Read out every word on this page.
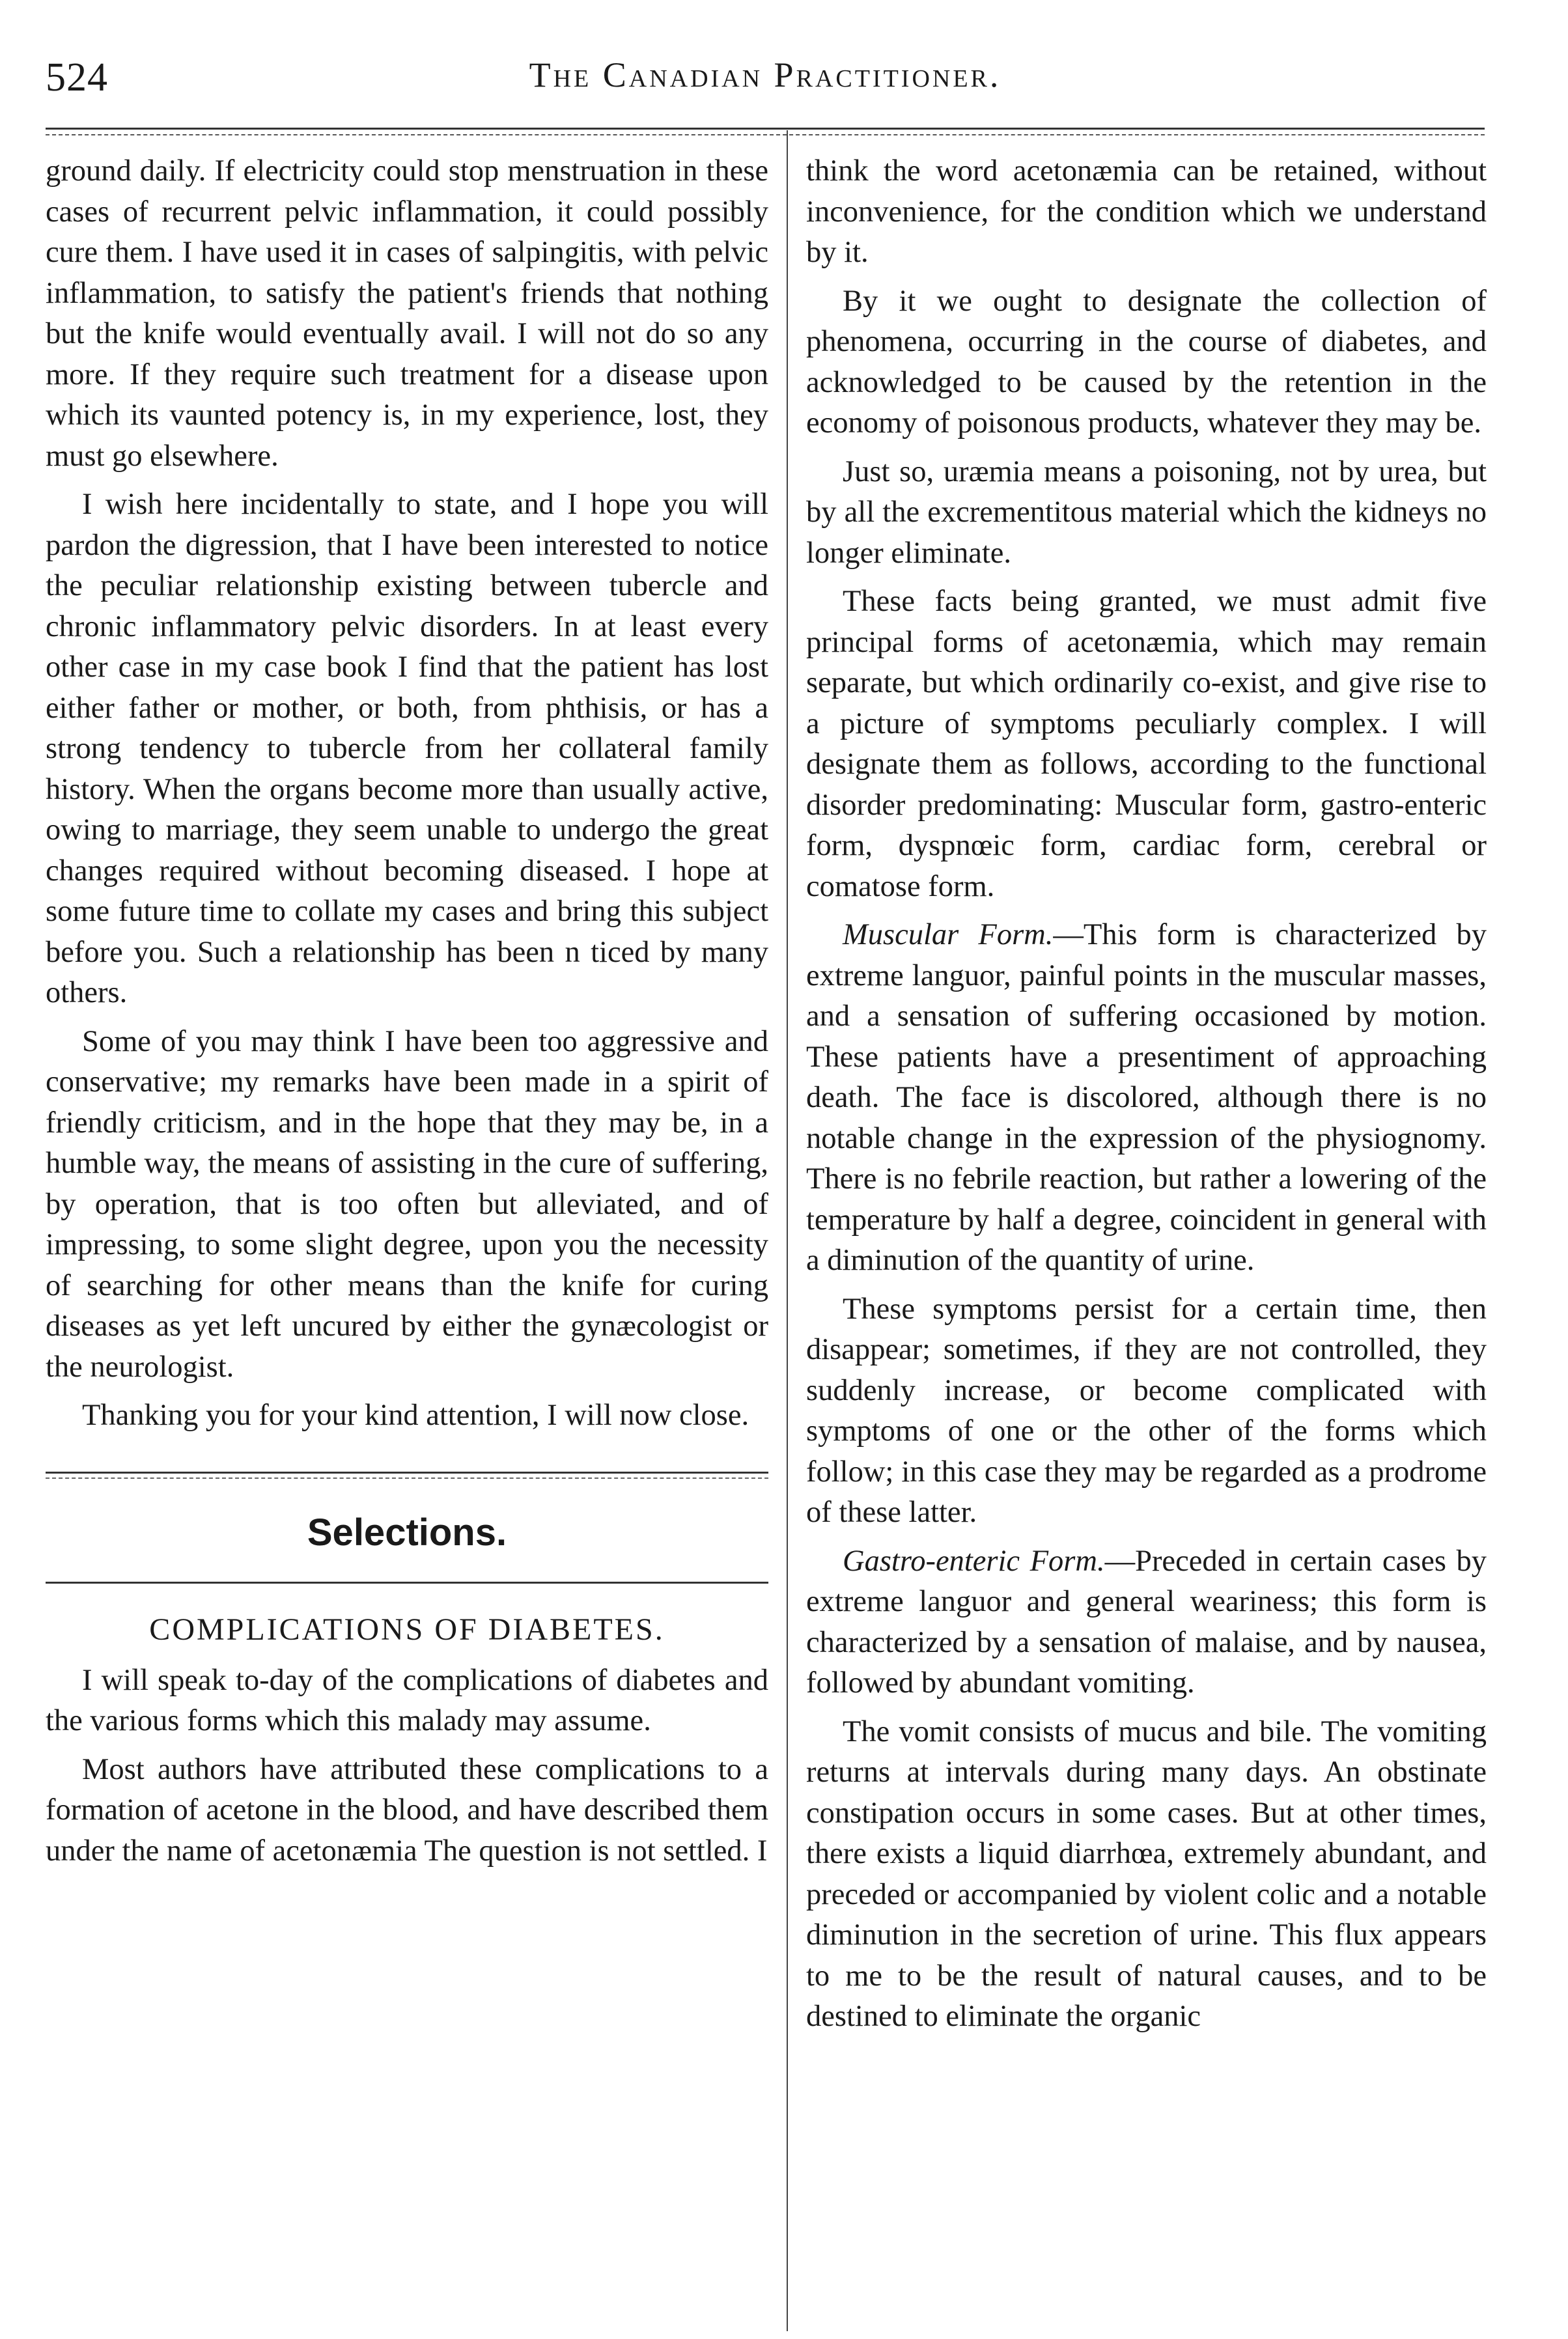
524	The Canadian Practitioner.

ground daily. If electricity could stop menstruation in these cases of recurrent pelvic inflammation, it could possibly cure them. I have used it in cases of salpingitis, with pelvic inflammation, to satisfy the patient's friends that nothing but the knife would eventually avail. I will not do so any more. If they require such treatment for a disease upon which its vaunted potency is, in my experience, lost, they must go elsewhere.

I wish here incidentally to state, and I hope you will pardon the digression, that I have been interested to notice the peculiar relationship existing between tubercle and chronic inflammatory pelvic disorders. In at least every other case in my case book I find that the patient has lost either father or mother, or both, from phthisis, or has a strong tendency to tubercle from her collateral family history. When the organs become more than usually active, owing to marriage, they seem unable to undergo the great changes required without becoming diseased. I hope at some future time to collate my cases and bring this subject before you. Such a relationship has been n ticed by many others.

Some of you may think I have been too aggressive and conservative; my remarks have been made in a spirit of friendly criticism, and in the hope that they may be, in a humble way, the means of assisting in the cure of suffering, by operation, that is too often but alleviated, and of impressing, to some slight degree, upon you the necessity of searching for other means than the knife for curing diseases as yet left uncured by either the gynæcologist or the neurologist.

Thanking you for your kind attention, I will now close.

Selections.
COMPLICATIONS OF DIABETES.

I will speak to-day of the complications of diabetes and the various forms which this malady may assume.

Most authors have attributed these complications to a formation of acetone in the blood, and have described them under the name of acetonæmia The question is not settled. I

think the word acetonæmia can be retained, without inconvenience, for the condition which we understand by it.

By it we ought to designate the collection of phenomena, occurring in the course of diabetes, and acknowledged to be caused by the retention in the economy of poisonous products, whatever they may be.

Just so, uræmia means a poisoning, not by urea, but by all the excrementitous material which the kidneys no longer eliminate.

These facts being granted, we must admit five principal forms of acetonæmia, which may remain separate, but which ordinarily co-exist, and give rise to a picture of symptoms peculiarly complex. I will designate them as follows, according to the functional disorder predominating: Muscular form, gastro-enteric form, dyspnœic form, cardiac form, cerebral or comatose form.

Muscular Form.—This form is characterized by extreme languor, painful points in the muscular masses, and a sensation of suffering occasioned by motion. These patients have a presentiment of approaching death. The face is discolored, although there is no notable change in the expression of the physiognomy. There is no febrile reaction, but rather a lowering of the temperature by half a degree, coincident in general with a diminution of the quantity of urine.

These symptoms persist for a certain time, then disappear; sometimes, if they are not controlled, they suddenly increase, or become complicated with symptoms of one or the other of the forms which follow; in this case they may be regarded as a prodrome of these latter.

Gastro-enteric Form.—Preceded in certain cases by extreme languor and general weariness; this form is characterized by a sensation of malaise, and by nausea, followed by abundant vomiting.

The vomit consists of mucus and bile. The vomiting returns at intervals during many days. An obstinate constipation occurs in some cases. But at other times, there exists a liquid diarrhœa, extremely abundant, and preceded or accompanied by violent colic and a notable diminution in the secretion of urine. This flux appears to me to be the result of natural causes, and to be destined to eliminate the organic
